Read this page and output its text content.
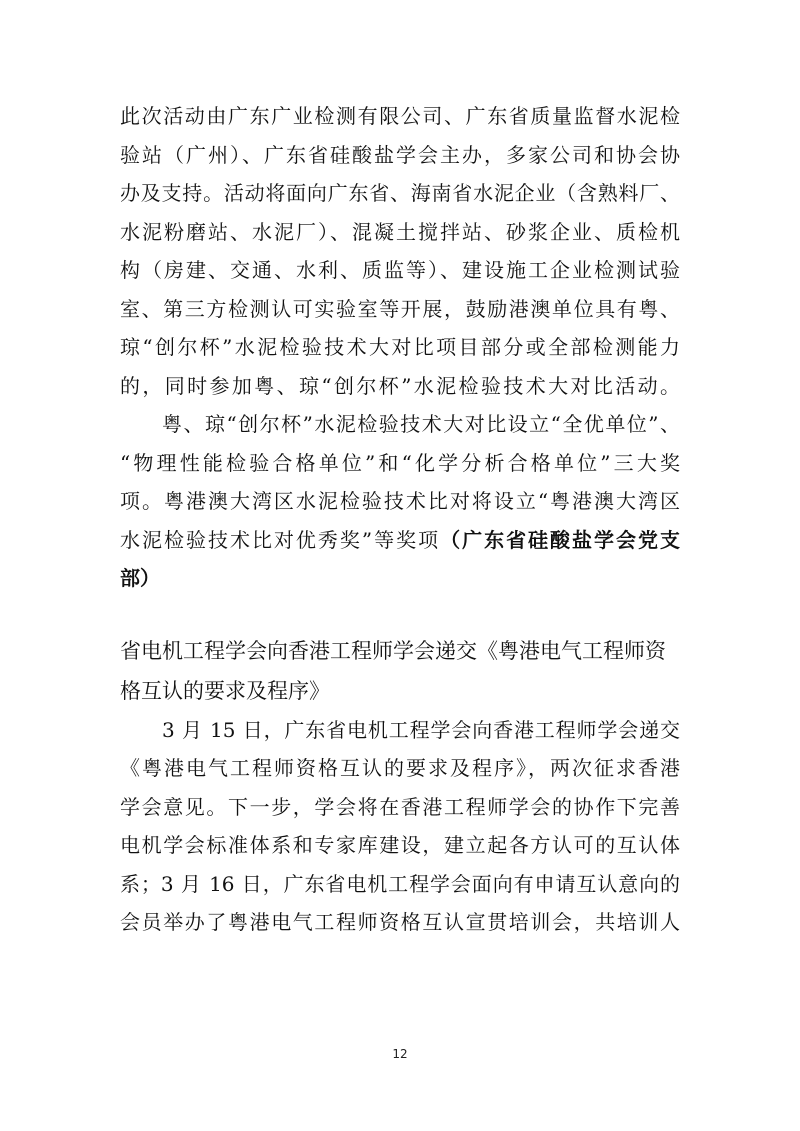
此次活动由广东广业检测有限公司、广东省质量监督水泥检
验站（广州）、广东省硅酸盐学会主办，多家公司和协会协
办及支持。活动将面向广东省、海南省水泥企业（含熟料厂、
水泥粉磨站、水泥厂）、混凝土搅拌站、砂浆企业、质检机
构（房建、交通、水利、质监等）、建设施工企业检测试验
室、第三方检测认可实验室等开展，鼓励港澳单位具有粤、
琼“创尔杯”水泥检验技术大对比项目部分或全部检测能力
的，同时参加粤、琼“创尔杯”水泥检验技术大对比活动。
粤、琼“创尔杯”水泥检验技术大对比设立“全优单位”、
“物理性能检验合格单位”和“化学分析合格单位”三大奖
项。粤港澳大湾区水泥检验技术比对将设立“粤港澳大湾区
水泥检验技术比对优秀奖”等奖项（广东省硅酸盐学会党支
部）
省电机工程学会向香港工程师学会递交《粤港电气工程师资
格互认的要求及程序》
3 月 15 日，广东省电机工程学会向香港工程师学会递交
《粤港电气工程师资格互认的要求及程序》，两次征求香港
学会意见。下一步，学会将在香港工程师学会的协作下完善
电机学会标准体系和专家库建设，建立起各方认可的互认体
系；3 月 16 日，广东省电机工程学会面向有申请互认意向的
会员举办了粤港电气工程师资格互认宣贯培训会，共培训人
12
